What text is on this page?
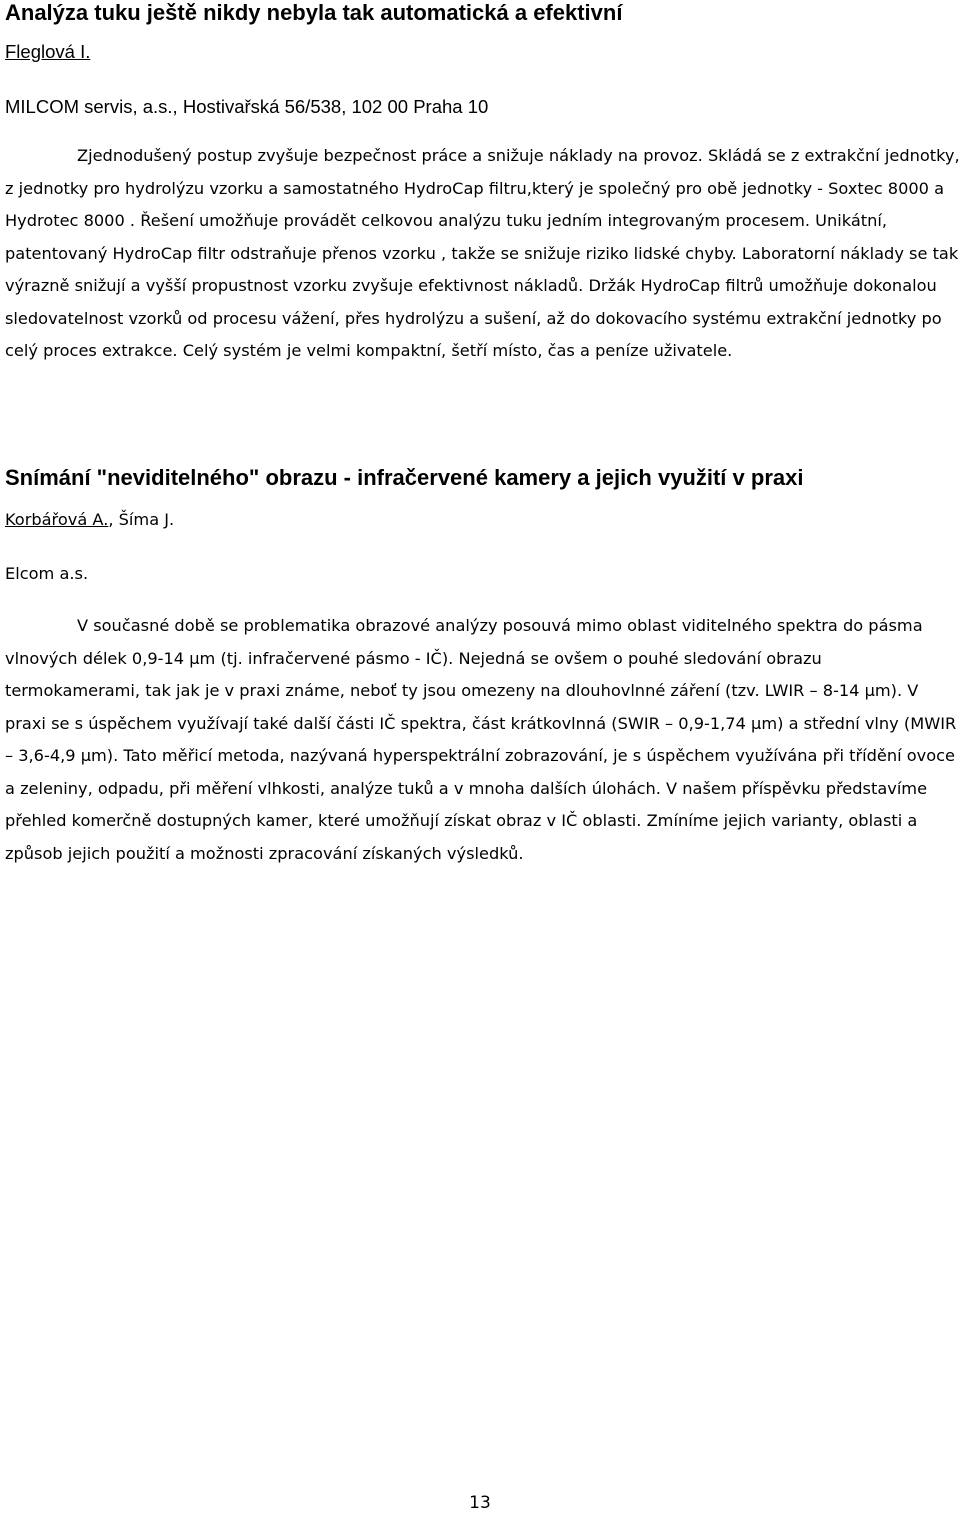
Analýza tuku ještě nikdy nebyla tak automatická a efektivní

Fleglová I.

MILCOM servis, a.s., Hostivařská 56/538, 102 00 Praha 10

Zjednodušený postup zvyšuje bezpečnost práce a snižuje náklady na provoz. Skládá se z extrakční jednotky, z jednotky pro hydrolýzu vzorku a samostatného HydroCap filtru,který je společný pro obě jednotky - Soxtec 8000 a Hydrotec 8000 . Řešení umožňuje provádět celkovou analýzu tuku jedním integrovaným procesem. Unikátní, patentovaný HydroCap filtr odstraňuje přenos vzorku , takže se snižuje riziko lidské chyby. Laboratorní náklady se tak výrazně snižují a vyšší propustnost vzorku zvyšuje efektivnost nákladů. Držák HydroCap filtrů umožňuje dokonalou sledovatelnost vzorků od procesu vážení, přes hydrolýzu a sušení, až do dokovacího systému extrakční jednotky po celý proces extrakce. Celý systém je velmi kompaktní, šetří místo, čas a peníze uživatele.

Snímání "neviditelného" obrazu - infračervené kamery a jejich využití v praxi

Korbářová A., Šíma J.

Elcom a.s.

V současné době se problematika obrazové analýzy posouvá mimo oblast viditelného spektra do pásma vlnových délek 0,9-14 µm (tj. infračervené pásmo - IČ). Nejedná se ovšem o pouhé sledování obrazu termokamerami, tak jak je v praxi známe, neboť ty jsou omezeny na dlouhovlnné záření (tzv. LWIR – 8-14 µm). V praxi se s úspěchem využívají také další části IČ spektra, část krátkovlnná (SWIR – 0,9-1,74 µm) a střední vlny (MWIR – 3,6-4,9 µm). Tato měřicí metoda, nazývaná hyperspektrální zobrazování, je s úspěchem využívána při třídění ovoce a zeleniny, odpadu, při měření vlhkosti, analýze tuků a v mnoha dalších úlohách. V našem příspěvku představíme přehled komerčně dostupných kamer, které umožňují získat obraz v IČ oblasti. Zmíníme jejich varianty, oblasti a způsob jejich použití a možnosti zpracování získaných výsledků.

13
